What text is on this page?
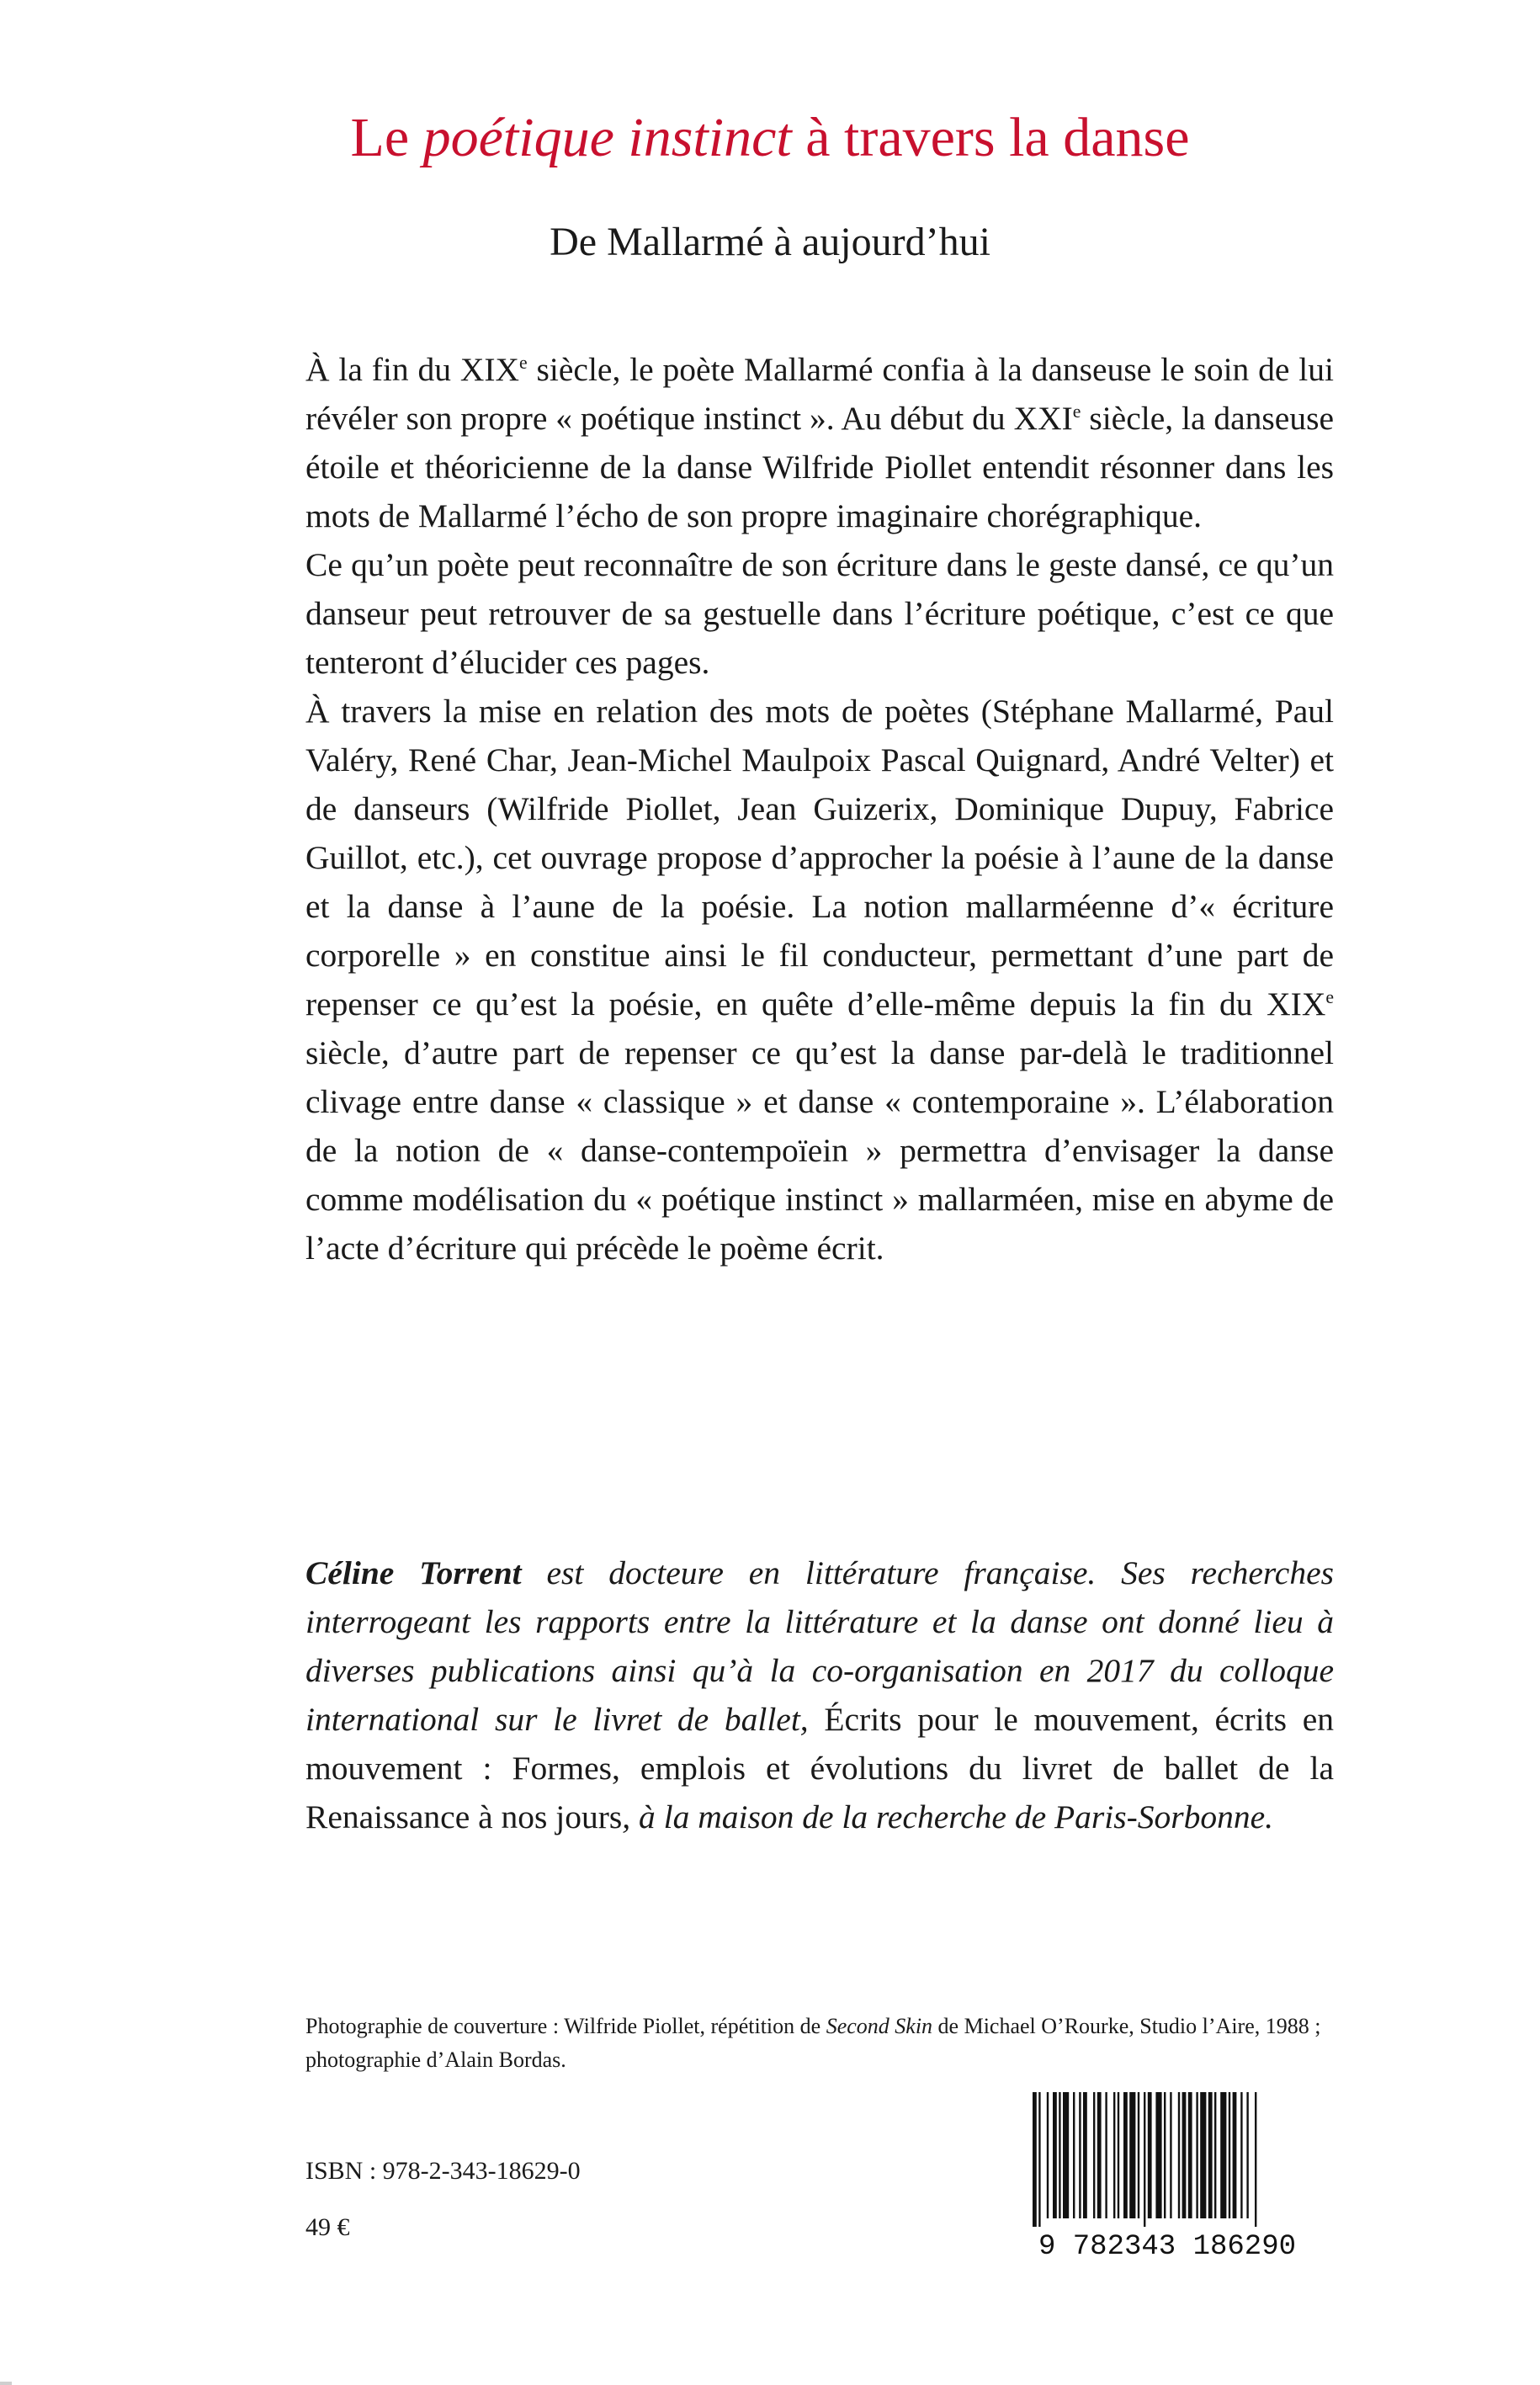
Le poétique instinct à travers la danse
De Mallarmé à aujourd’hui

À la fin du XIXe siècle, le poète Mallarmé confia à la danseuse le soin de lui révéler son propre « poétique instinct ». Au début du XXIe siècle, la danseuse étoile et théoricienne de la danse Wilfride Piollet entendit résonner dans les mots de Mallarmé l’écho de son propre imaginaire chorégraphique.

Ce qu’un poète peut reconnaître de son écriture dans le geste dansé, ce qu’un danseur peut retrouver de sa gestuelle dans l’écriture poétique, c’est ce que tenteront d’élucider ces pages.

À travers la mise en relation des mots de poètes (Stéphane Mallarmé, Paul Valéry, René Char, Jean-Michel Maulpoix Pascal Quignard, André Velter) et de danseurs (Wilfride Piollet, Jean Guizerix, Dominique Dupuy, Fabrice Guillot, etc.), cet ouvrage propose d’approcher la poésie à l’aune de la danse et la danse à l’aune de la poésie. La notion mallarméenne d’« écriture corporelle » en constitue ainsi le fil conducteur, permettant d’une part de repenser ce qu’est la poésie, en quête d’elle-même depuis la fin du XIXe siècle, d’autre part de repenser ce qu’est la danse par-delà le traditionnel clivage entre danse « classique » et danse « contemporaine ». L’élaboration de la notion de « danse-contempoïein » permettra d’envisager la danse comme modélisation du « poétique instinct » mallarméen, mise en abyme de l’acte d’écriture qui précède le poème écrit.

Céline Torrent est docteure en littérature française. Ses recherches interrogeant les rapports entre la littérature et la danse ont donné lieu à diverses publications ainsi qu’à la co-organisation en 2017 du colloque international sur le livret de ballet, Écrits pour le mouvement, écrits en mouvement : Formes, emplois et évolutions du livret de ballet de la Renaissance à nos jours, à la maison de la recherche de Paris-Sorbonne.

Photographie de couverture : Wilfride Piollet, répétition de Second Skin de Michael O’Rourke, Studio l’Aire, 1988 ; photographie d’Alain Bordas.

ISBN : 978-2-343-18629-0

49 €

9 782343 186290
